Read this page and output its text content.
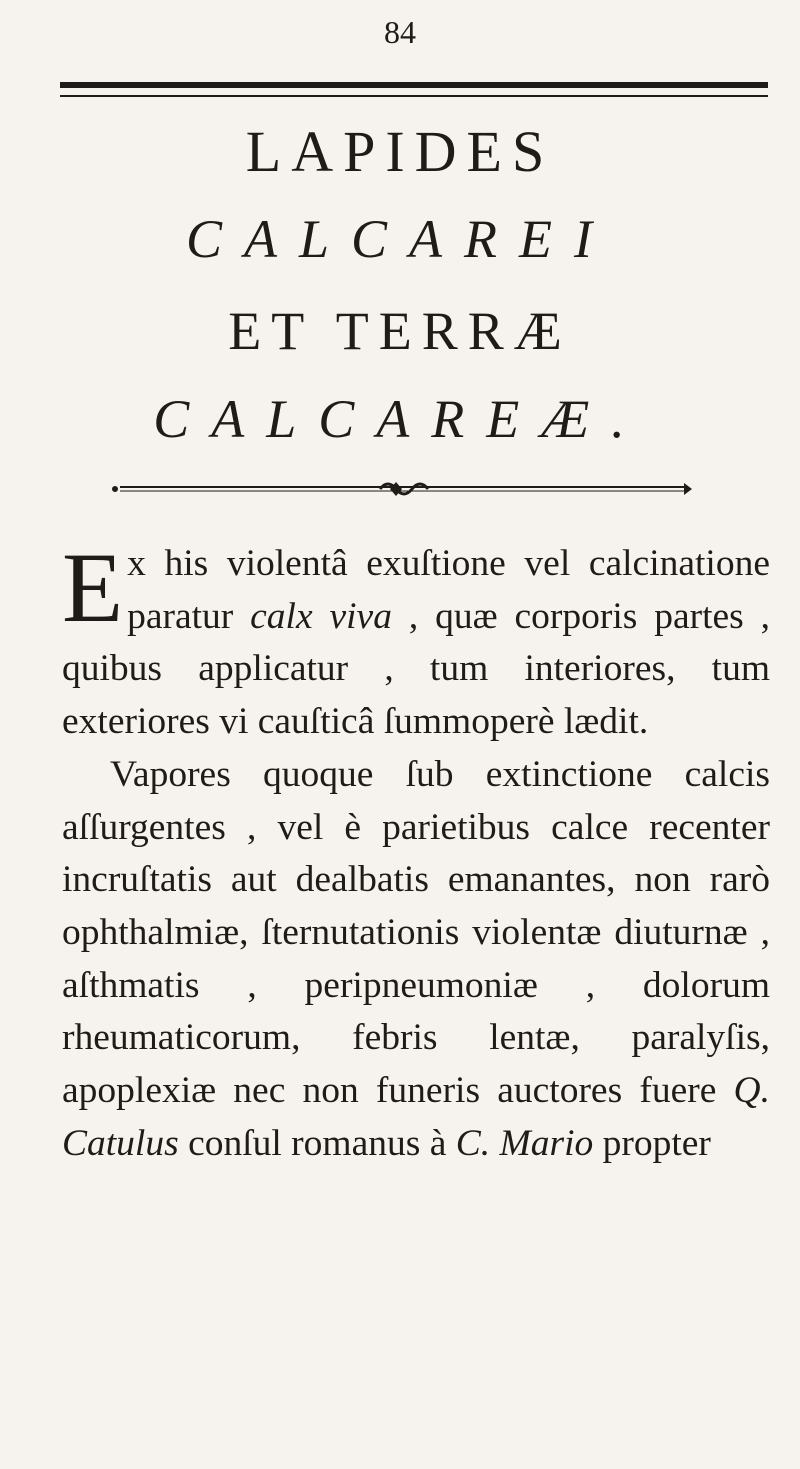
84
LAPIDES
CALCAREI
ET TERRÆ
CALCAREÆ.

Ex his violentâ exuſtione vel calcinatione paratur calx viva , quæ corporis partes , quibus applicatur , tum interiores, tum exteriores vi cauſticâ ſummoperè lædit.

Vapores quoque ſub extinctione calcis aſſurgentes , vel è parietibus calce recenter incruſtatis aut dealbatis emanantes, non rarò ophthalmiæ, ſternutationis violentæ diuturnæ , aſthmatis , peripneumoniæ , dolorum rheumaticorum, febris lentæ, paralyſis, apoplexiæ nec non funeris auctores fuere Q. Catulus conſul romanus à C. Mario propter
